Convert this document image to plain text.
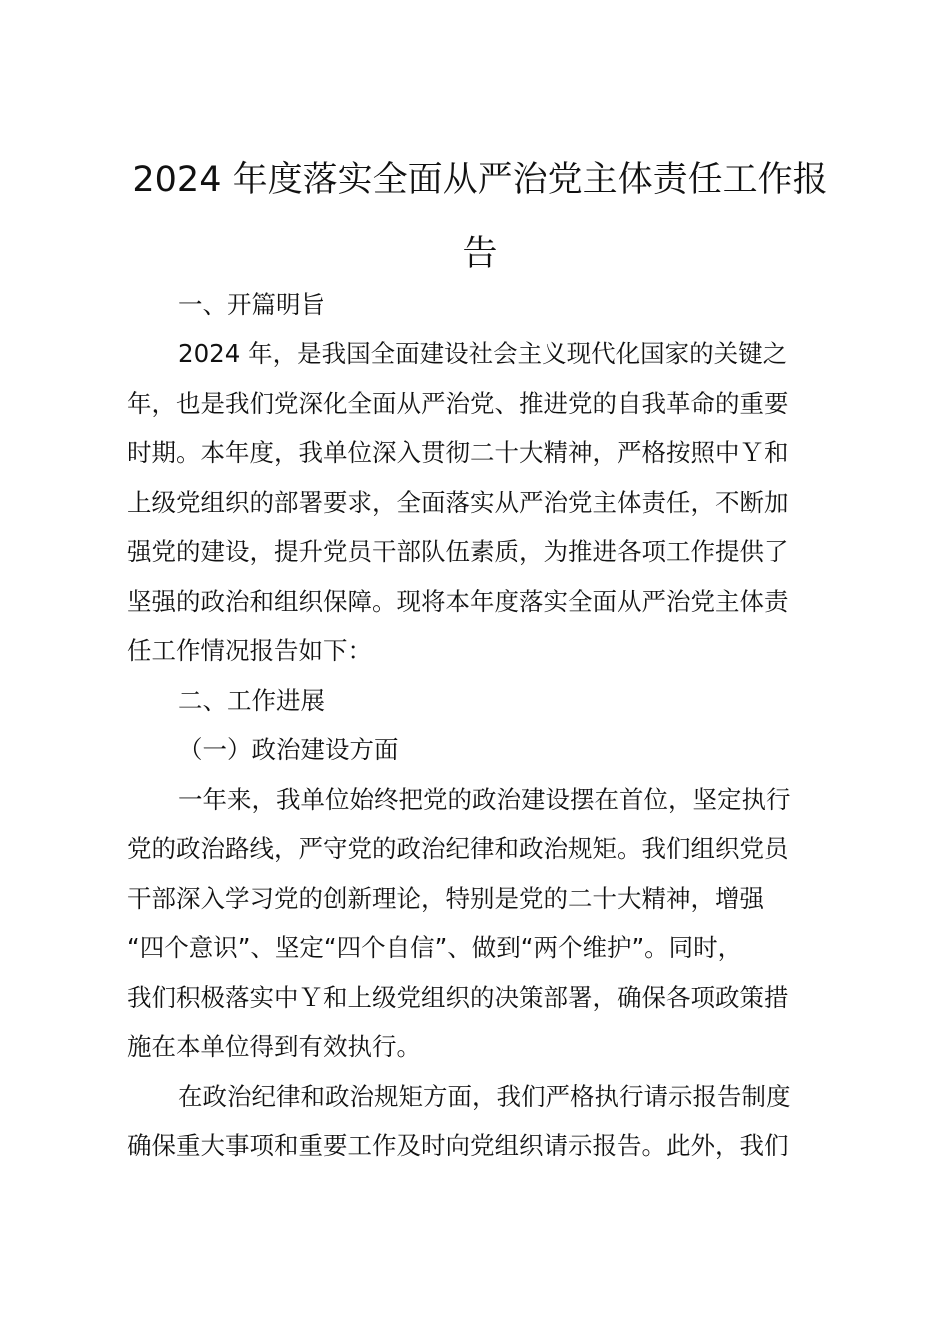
2024 年度落实全面从严治党主体责任工作报
告
一、开篇明旨
2024 年，是我国全面建设社会主义现代化国家的关键之
年，也是我们党深化全面从严治党、推进党的自我革命的重要
时期。本年度，我单位深入贯彻二十大精神，严格按照中Ｙ和
上级党组织的部署要求，全面落实从严治党主体责任，不断加
强党的建设，提升党员干部队伍素质，为推进各项工作提供了
坚强的政治和组织保障。现将本年度落实全面从严治党主体责
任工作情况报告如下：
二、工作进展
（一）政治建设方面
一年来，我单位始终把党的政治建设摆在首位，坚定执行
党的政治路线，严守党的政治纪律和政治规矩。我们组织党员
干部深入学习党的创新理论，特别是党的二十大精神，增强
“四个意识”、坚定“四个自信”、做到“两个维护”。同时，
我们积极落实中Ｙ和上级党组织的决策部署，确保各项政策措
施在本单位得到有效执行。
在政治纪律和政治规矩方面，我们严格执行请示报告制度
确保重大事项和重要工作及时向党组织请示报告。此外，我们
